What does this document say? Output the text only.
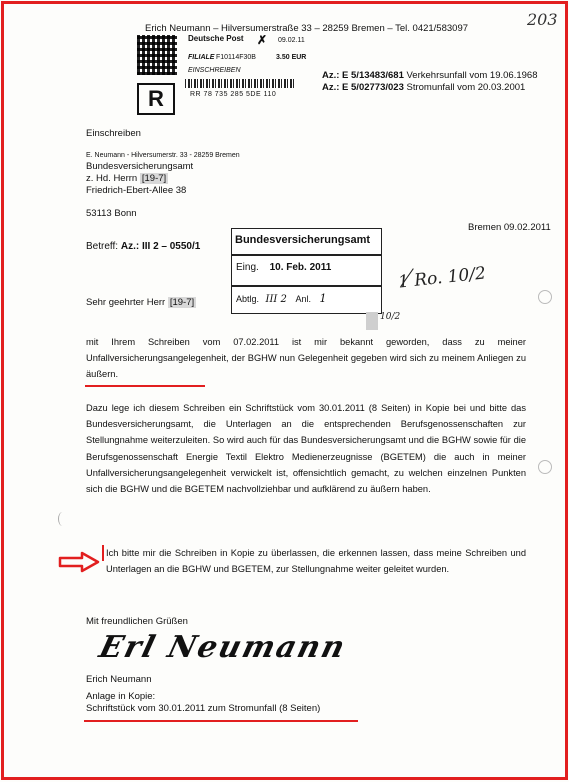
Erich Neumann – Hilversumerstraße 33 – 28259 Bremen – Tel. 0421/583097	203
Deutsche Post ✗ 09.02.11
FILIALE F10114F30B	3.50 EUR
EINSCHREIBEN
R	RR 78 735 285 5DE 110
Az.: E 5/13483/681 Verkehrsunfall vom 19.06.1968
Az.: E 5/02773/023 Stromunfall vom 20.03.2001
Einschreiben
E. Neumann - Hilversumerstr. 33 - 28259 Bremen
Bundesversicherungsamt
z. Hd. Herrn [19-7]
Friedrich-Ebert-Allee 38
53113 Bonn
Bremen 09.02.2011
Betreff: Az.: III 2 – 0550/1
Bundesversicherungsamt
Eing. 10. Feb. 2011
Abtlg. III 2 Anl. 1
1 Ro. 10/2
10/2
Sehr geehrter Herr [19-7]
mit Ihrem Schreiben vom 07.02.2011 ist mir bekannt geworden, dass zu meiner Unfallversicherungsangelegenheit, der BGHW nun Gelegenheit gegeben wird sich zu meinem Anliegen zu äußern.
Dazu lege ich diesem Schreiben ein Schriftstück vom 30.01.2011 (8 Seiten) in Kopie bei und bitte das Bundesversicherungsamt, die Unterlagen an die entsprechenden Berufsgenossenschaften zur Stellungnahme weiterzuleiten. So wird auch für das Bundesversicherungsamt und die BGHW sowie für die Berufsgenossenschaft Energie Textil Elektro Medienerzeugnisse (BGETEM) die auch in meiner Unfallversicherungsangelegenheit verwickelt ist, offensichtlich gemacht, zu welchen einzelnen Punkten sich die BGHW und die BGETEM nachvollziehbar und aufklärend zu äußern haben.
Ich bitte mir die Schreiben in Kopie zu überlassen, die erkennen lassen, dass meine Schreiben und Unterlagen an die BGHW und BGETEM, zur Stellungnahme weiter geleitet wurden.
Mit freundlichen Grüßen
Erl Neumann
Erich Neumann
Anlage in Kopie:
Schriftstück vom 30.01.2011 zum Stromunfall (8 Seiten)
